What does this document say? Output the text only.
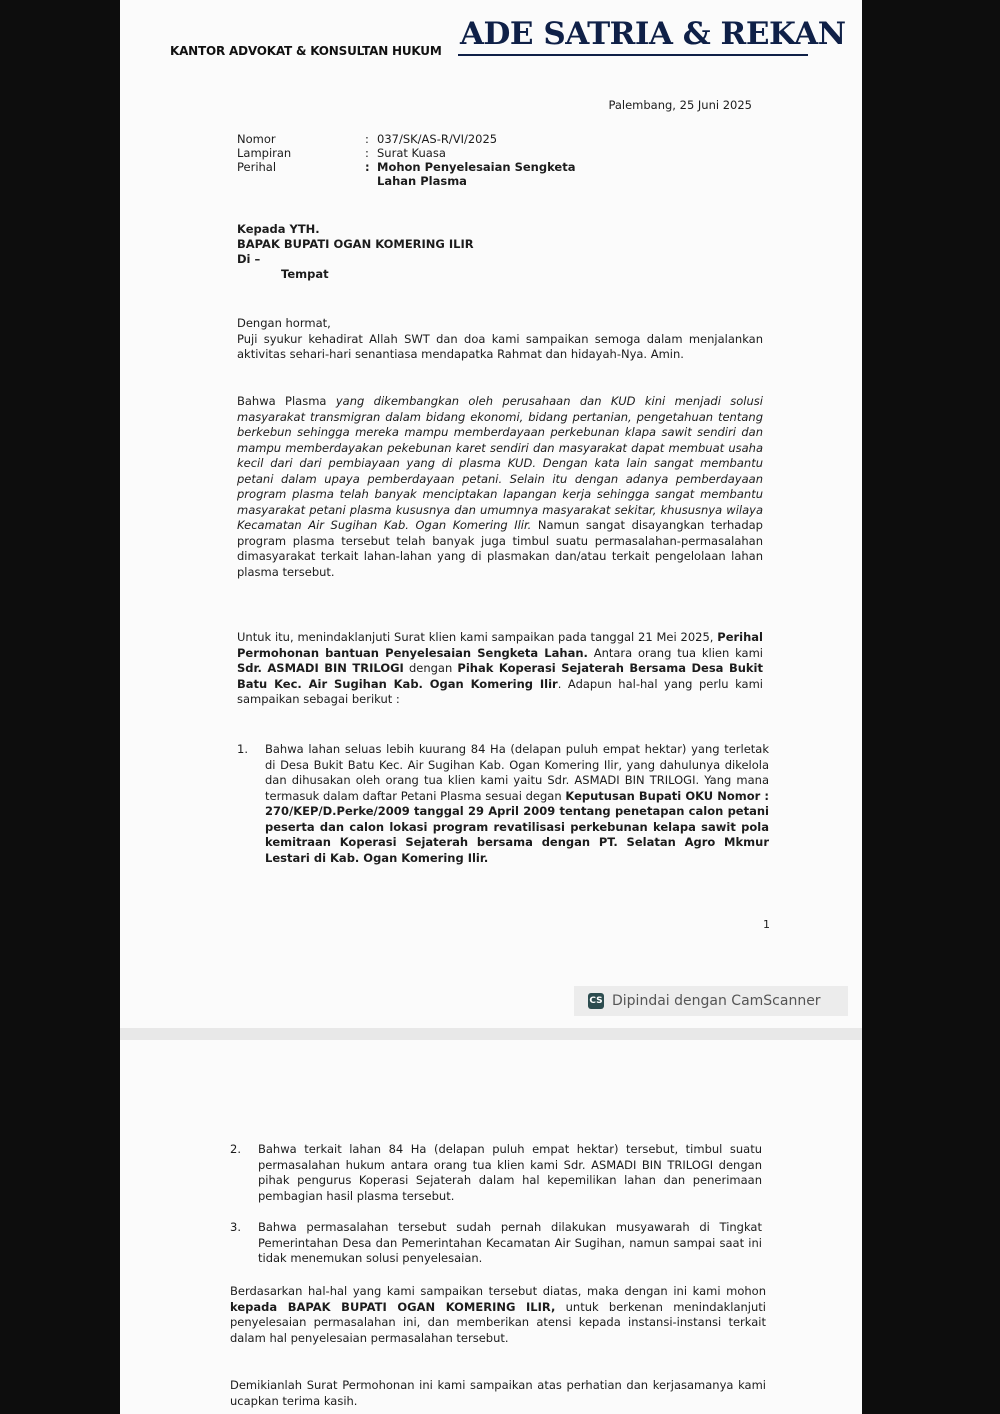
KANTOR ADVOKAT & KONSULTAN HUKUM ADE SATRIA & REKAN
Palembang, 25 Juni 2025
Nomor	: 037/SK/AS-R/VI/2025
Lampiran	: Surat Kuasa
Perihal	: Mohon Penyelesaian Sengketa
Lahan Plasma
Kepada YTH.
BAPAK BUPATI OGAN KOMERING ILIR
Di –
Tempat
Dengan hormat,
Puji syukur kehadirat Allah SWT dan doa kami sampaikan semoga dalam menjalankan aktivitas sehari-hari senantiasa mendapatka Rahmat dan hidayah-Nya. Amin.
Bahwa Plasma yang dikembangkan oleh perusahaan dan KUD kini menjadi solusi masyarakat transmigran dalam bidang ekonomi, bidang pertanian, pengetahuan tentang berkebun sehingga mereka mampu memberdayaan perkebunan klapa sawit sendiri dan mampu memberdayakan pekebunan karet sendiri dan masyarakat dapat membuat usaha kecil dari dari pembiayaan yang di plasma KUD. Dengan kata lain sangat membantu petani dalam upaya pemberdayaan petani. Selain itu dengan adanya pemberdayaan program plasma telah banyak menciptakan lapangan kerja sehingga sangat membantu masyarakat petani plasma kususnya dan umumnya masyarakat sekitar, khususnya wilaya Kecamatan Air Sugihan Kab. Ogan Komering Ilir. Namun sangat disayangkan terhadap program plasma tersebut telah banyak juga timbul suatu permasalahan-permasalahan dimasyarakat terkait lahan-lahan yang di plasmakan dan/atau terkait pengelolaan lahan plasma tersebut.
Untuk itu, menindaklanjuti Surat klien kami sampaikan pada tanggal 21 Mei 2025, Perihal Permohonan bantuan Penyelesaian Sengketa Lahan. Antara orang tua klien kami Sdr. ASMADI BIN TRILOGI dengan Pihak Koperasi Sejaterah Bersama Desa Bukit Batu Kec. Air Sugihan Kab. Ogan Komering Ilir. Adapun hal-hal yang perlu kami sampaikan sebagai berikut :
1.	Bahwa lahan seluas lebih kuurang 84 Ha (delapan puluh empat hektar) yang terletak di Desa Bukit Batu Kec. Air Sugihan Kab. Ogan Komering Ilir, yang dahulunya dikelola dan dihusakan oleh orang tua klien kami yaitu Sdr. ASMADI BIN TRILOGI. Yang mana termasuk dalam daftar Petani Plasma sesuai degan Keputusan Bupati OKU Nomor : 270/KEP/D.Perke/2009 tanggal 29 April 2009 tentang penetapan calon petani peserta dan calon lokasi program revatilisasi perkebunan kelapa sawit pola kemitraan Koperasi Sejaterah bersama dengan PT. Selatan Agro Mkmur Lestari di Kab. Ogan Komering Ilir.
1
CS Dipindai dengan CamScanner
2.	Bahwa terkait lahan 84 Ha (delapan puluh empat hektar) tersebut, timbul suatu permasalahan hukum antara orang tua klien kami Sdr. ASMADI BIN TRILOGI dengan pihak pengurus Koperasi Sejaterah dalam hal kepemilikan lahan dan penerimaan pembagian hasil plasma tersebut.
3.	Bahwa permasalahan tersebut sudah pernah dilakukan musyawarah di Tingkat Pemerintahan Desa dan Pemerintahan Kecamatan Air Sugihan, namun sampai saat ini tidak menemukan solusi penyelesaian.
Berdasarkan hal-hal yang kami sampaikan tersebut diatas, maka dengan ini kami mohon kepada BAPAK BUPATI OGAN KOMERING ILIR, untuk berkenan menindaklanjuti penyelesaian permasalahan ini, dan memberikan atensi kepada instansi-instansi terkait dalam hal penyelesaian permasalahan tersebut.
Demikianlah Surat Permohonan ini kami sampaikan atas perhatian dan kerjasamanya kami ucapkan terima kasih.
